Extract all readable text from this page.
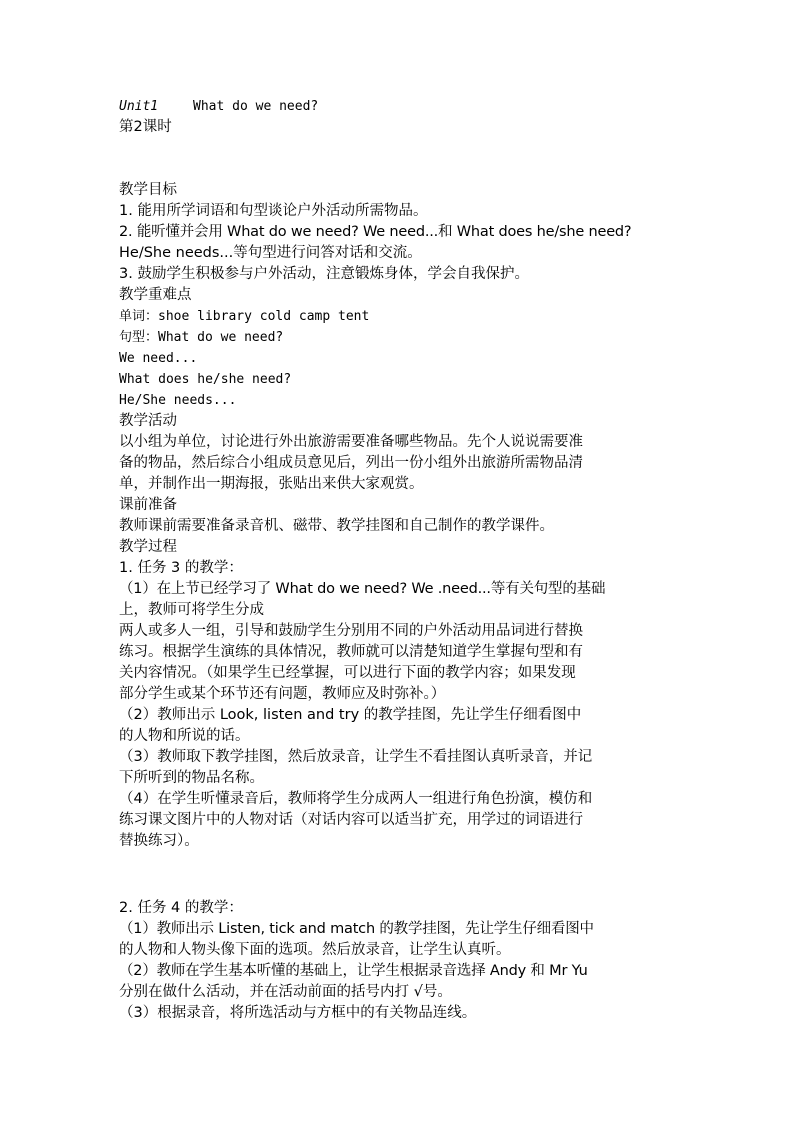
Unit1	What do we need?
第2课时
教学目标
1. 能用所学词语和句型谈论户外活动所需物品。
2. 能听懂并会用 What do we need? We need...和 What does he/she need?
He/She needs...等句型进行问答对话和交流。
3. 鼓励学生积极参与户外活动，注意锻炼身体，学会自我保护。
教学重难点
单词：shoe library cold camp tent
句型：What do we need?
We need...
What does he/she need?
He/She needs...
教学活动
以小组为单位，讨论进行外出旅游需要准备哪些物品。先个人说说需要准
备的物品，然后综合小组成员意见后，列出一份小组外出旅游所需物品清
单，并制作出一期海报，张贴出来供大家观赏。
课前准备
教师课前需要准备录音机、磁带、教学挂图和自己制作的教学课件。
教学过程
1. 任务 3 的教学：
（1）在上节已经学习了 What do we need? We .need...等有关句型的基础
上，教师可将学生分成
两人或多人一组，引导和鼓励学生分别用不同的户外活动用品词进行替换
练习。根据学生演练的具体情况，教师就可以清楚知道学生掌握句型和有
关内容情况。（如果学生已经掌握，可以进行下面的教学内容；如果发现
部分学生或某个环节还有问题，教师应及时弥补。）
（2）教师出示 Look, listen and try 的教学挂图，先让学生仔细看图中
的人物和所说的话。
（3）教师取下教学挂图，然后放录音，让学生不看挂图认真听录音，并记
下所听到的物品名称。
（4）在学生听懂录音后，教师将学生分成两人一组进行角色扮演，模仿和
练习课文图片中的人物对话（对话内容可以适当扩充，用学过的词语进行
替换练习）。
2. 任务 4 的教学：
（1）教师出示 Listen, tick and match 的教学挂图，先让学生仔细看图中
的人物和人物头像下面的选项。然后放录音，让学生认真听。
（2）教师在学生基本听懂的基础上，让学生根据录音选择 Andy 和 Mr Yu
分别在做什么活动，并在活动前面的括号内打 √号。
（3）根据录音，将所选活动与方框中的有关物品连线。
